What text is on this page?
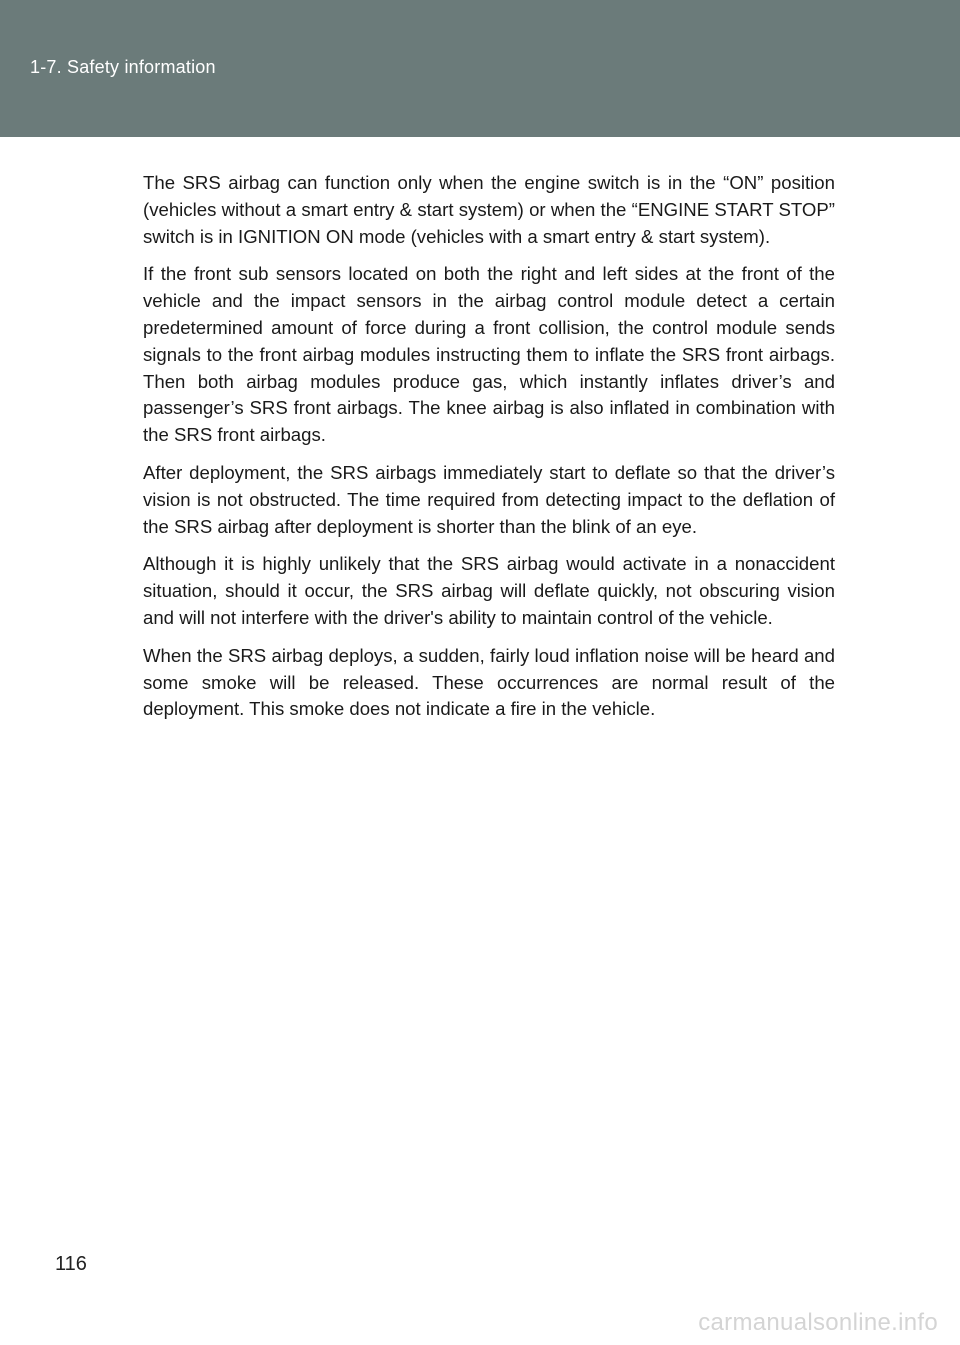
1-7. Safety information

The SRS airbag can function only when the engine switch is in the “ON” position (vehicles without a smart entry & start system) or when the “ENGINE START STOP” switch is in IGNITION ON mode (vehicles with a smart entry & start system).

If the front sub sensors located on both the right and left sides at the front of the vehicle and the impact sensors in the airbag control module detect a certain predetermined amount of force during a front collision, the control module sends signals to the front airbag modules instructing them to inflate the SRS front airbags. Then both airbag modules produce gas, which instantly inflates driver’s and passenger’s SRS front airbags. The knee airbag is also inflated in combination with the SRS front airbags.

After deployment, the SRS airbags immediately start to deflate so that the driver’s vision is not obstructed. The time required from detecting impact to the deflation of the SRS airbag after deployment is shorter than the blink of an eye.

Although it is highly unlikely that the SRS airbag would activate in a nonaccident situation, should it occur, the SRS airbag will deflate quickly, not obscuring vision and will not interfere with the driver's ability to maintain control of the vehicle.

When the SRS airbag deploys, a sudden, fairly loud inflation noise will be heard and some smoke will be released. These occurrences are normal result of the deployment. This smoke does not indicate a fire in the vehicle.

116
carmanualsonline.info
